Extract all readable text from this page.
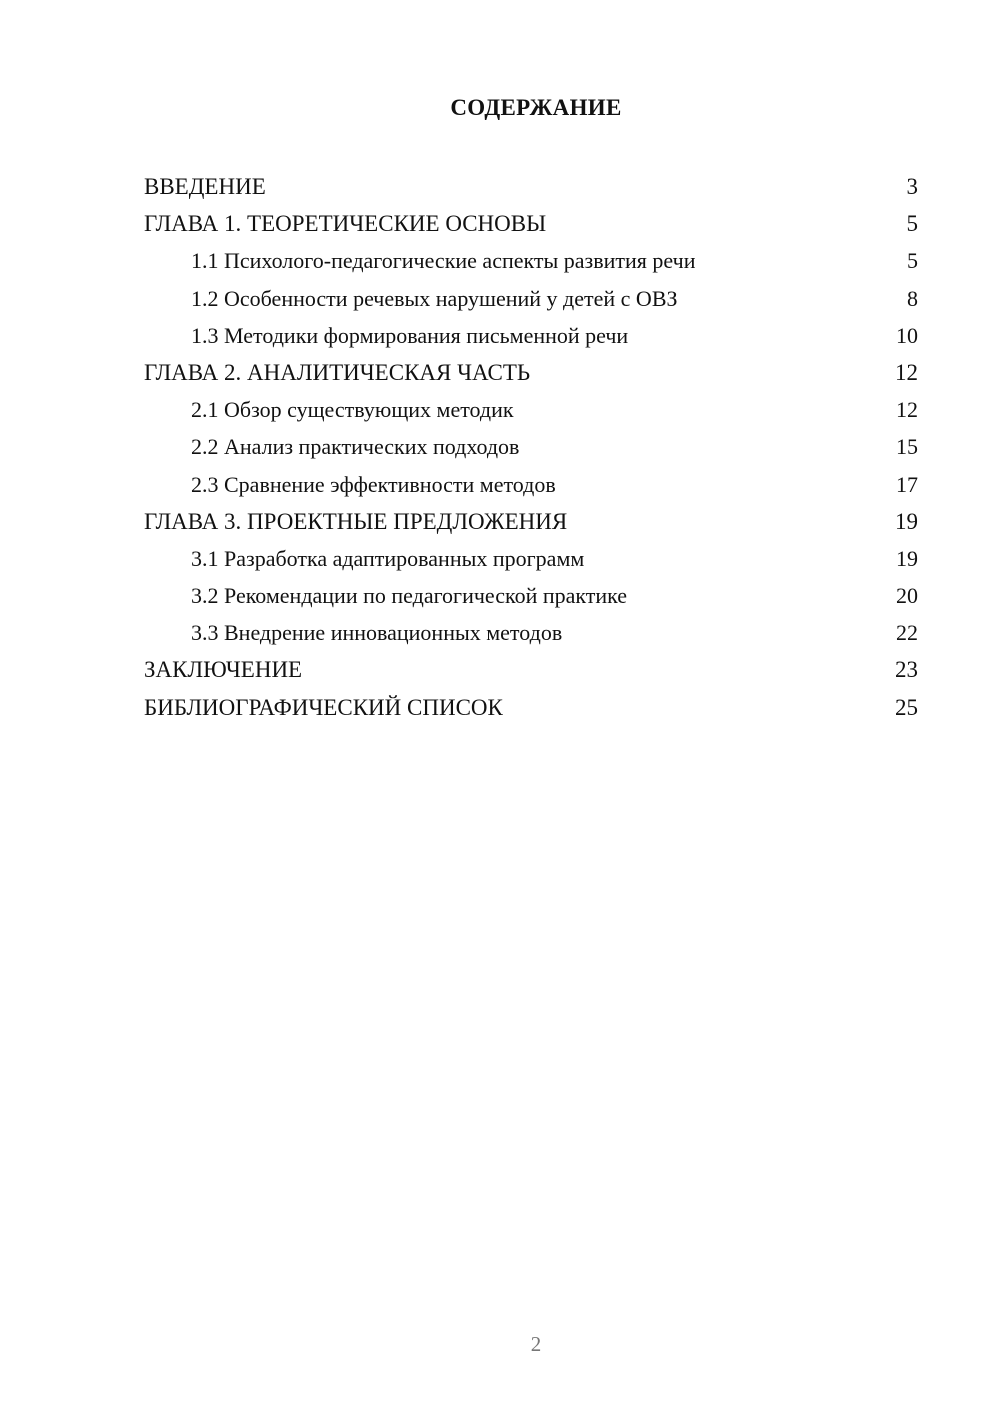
СОДЕРЖАНИЕ
ВВЕДЕНИЕ	3
ГЛАВА 1. ТЕОРЕТИЧЕСКИЕ ОСНОВЫ	5
1.1 Психолого-педагогические аспекты развития речи	5
1.2 Особенности речевых нарушений у детей с ОВЗ	8
1.3 Методики формирования письменной речи	10
ГЛАВА 2. АНАЛИТИЧЕСКАЯ ЧАСТЬ	12
2.1 Обзор существующих методик	12
2.2 Анализ практических подходов	15
2.3 Сравнение эффективности методов	17
ГЛАВА 3. ПРОЕКТНЫЕ ПРЕДЛОЖЕНИЯ	19
3.1 Разработка адаптированных программ	19
3.2 Рекомендации по педагогической практике	20
3.3 Внедрение инновационных методов	22
ЗАКЛЮЧЕНИЕ	23
БИБЛИОГРАФИЧЕСКИЙ СПИСОК	25
2
